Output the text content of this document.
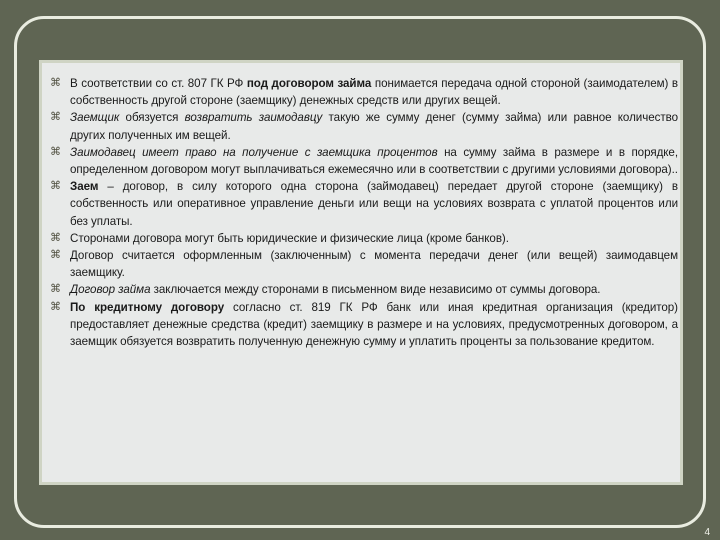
⌘ В соответствии со ст. 807 ГК РФ под договором займа понимается передача одной стороной (заимодателем) в собственность другой стороне (заемщику) денежных средств или других вещей.
⌘ Заемщик обязуется возвратить заимодавцу такую же сумму денег (сумму займа) или равное количество других полученных им вещей.
⌘ Заимодавец имеет право на получение с заемщика процентов на сумму займа в размере и в порядке, определенном договором могут выплачиваться ежемесячно или в соответствии с другими условиями договора)..
⌘ Заем – договор, в силу которого одна сторона (займодавец) передает другой стороне (заемщику) в собственность или оперативное управление деньги или вещи на условиях возврата с уплатой процентов или без уплаты.
⌘ Сторонами договора могут быть юридические и физические лица (кроме банков).
⌘ Договор считается оформленным (заключенным) с момента передачи денег (или вещей) заимодавцем заемщику.
⌘ Договор займа заключается между сторонами в письменном виде независимо от суммы договора.
⌘ По кредитному договору согласно ст. 819 ГК РФ банк или иная кредитная организация (кредитор) предоставляет денежные средства (кредит) заемщику в размере и на условиях, предусмотренных договором, а заемщик обязуется возвратить полученную денежную сумму и уплатить проценты за пользование кредитом.
4
